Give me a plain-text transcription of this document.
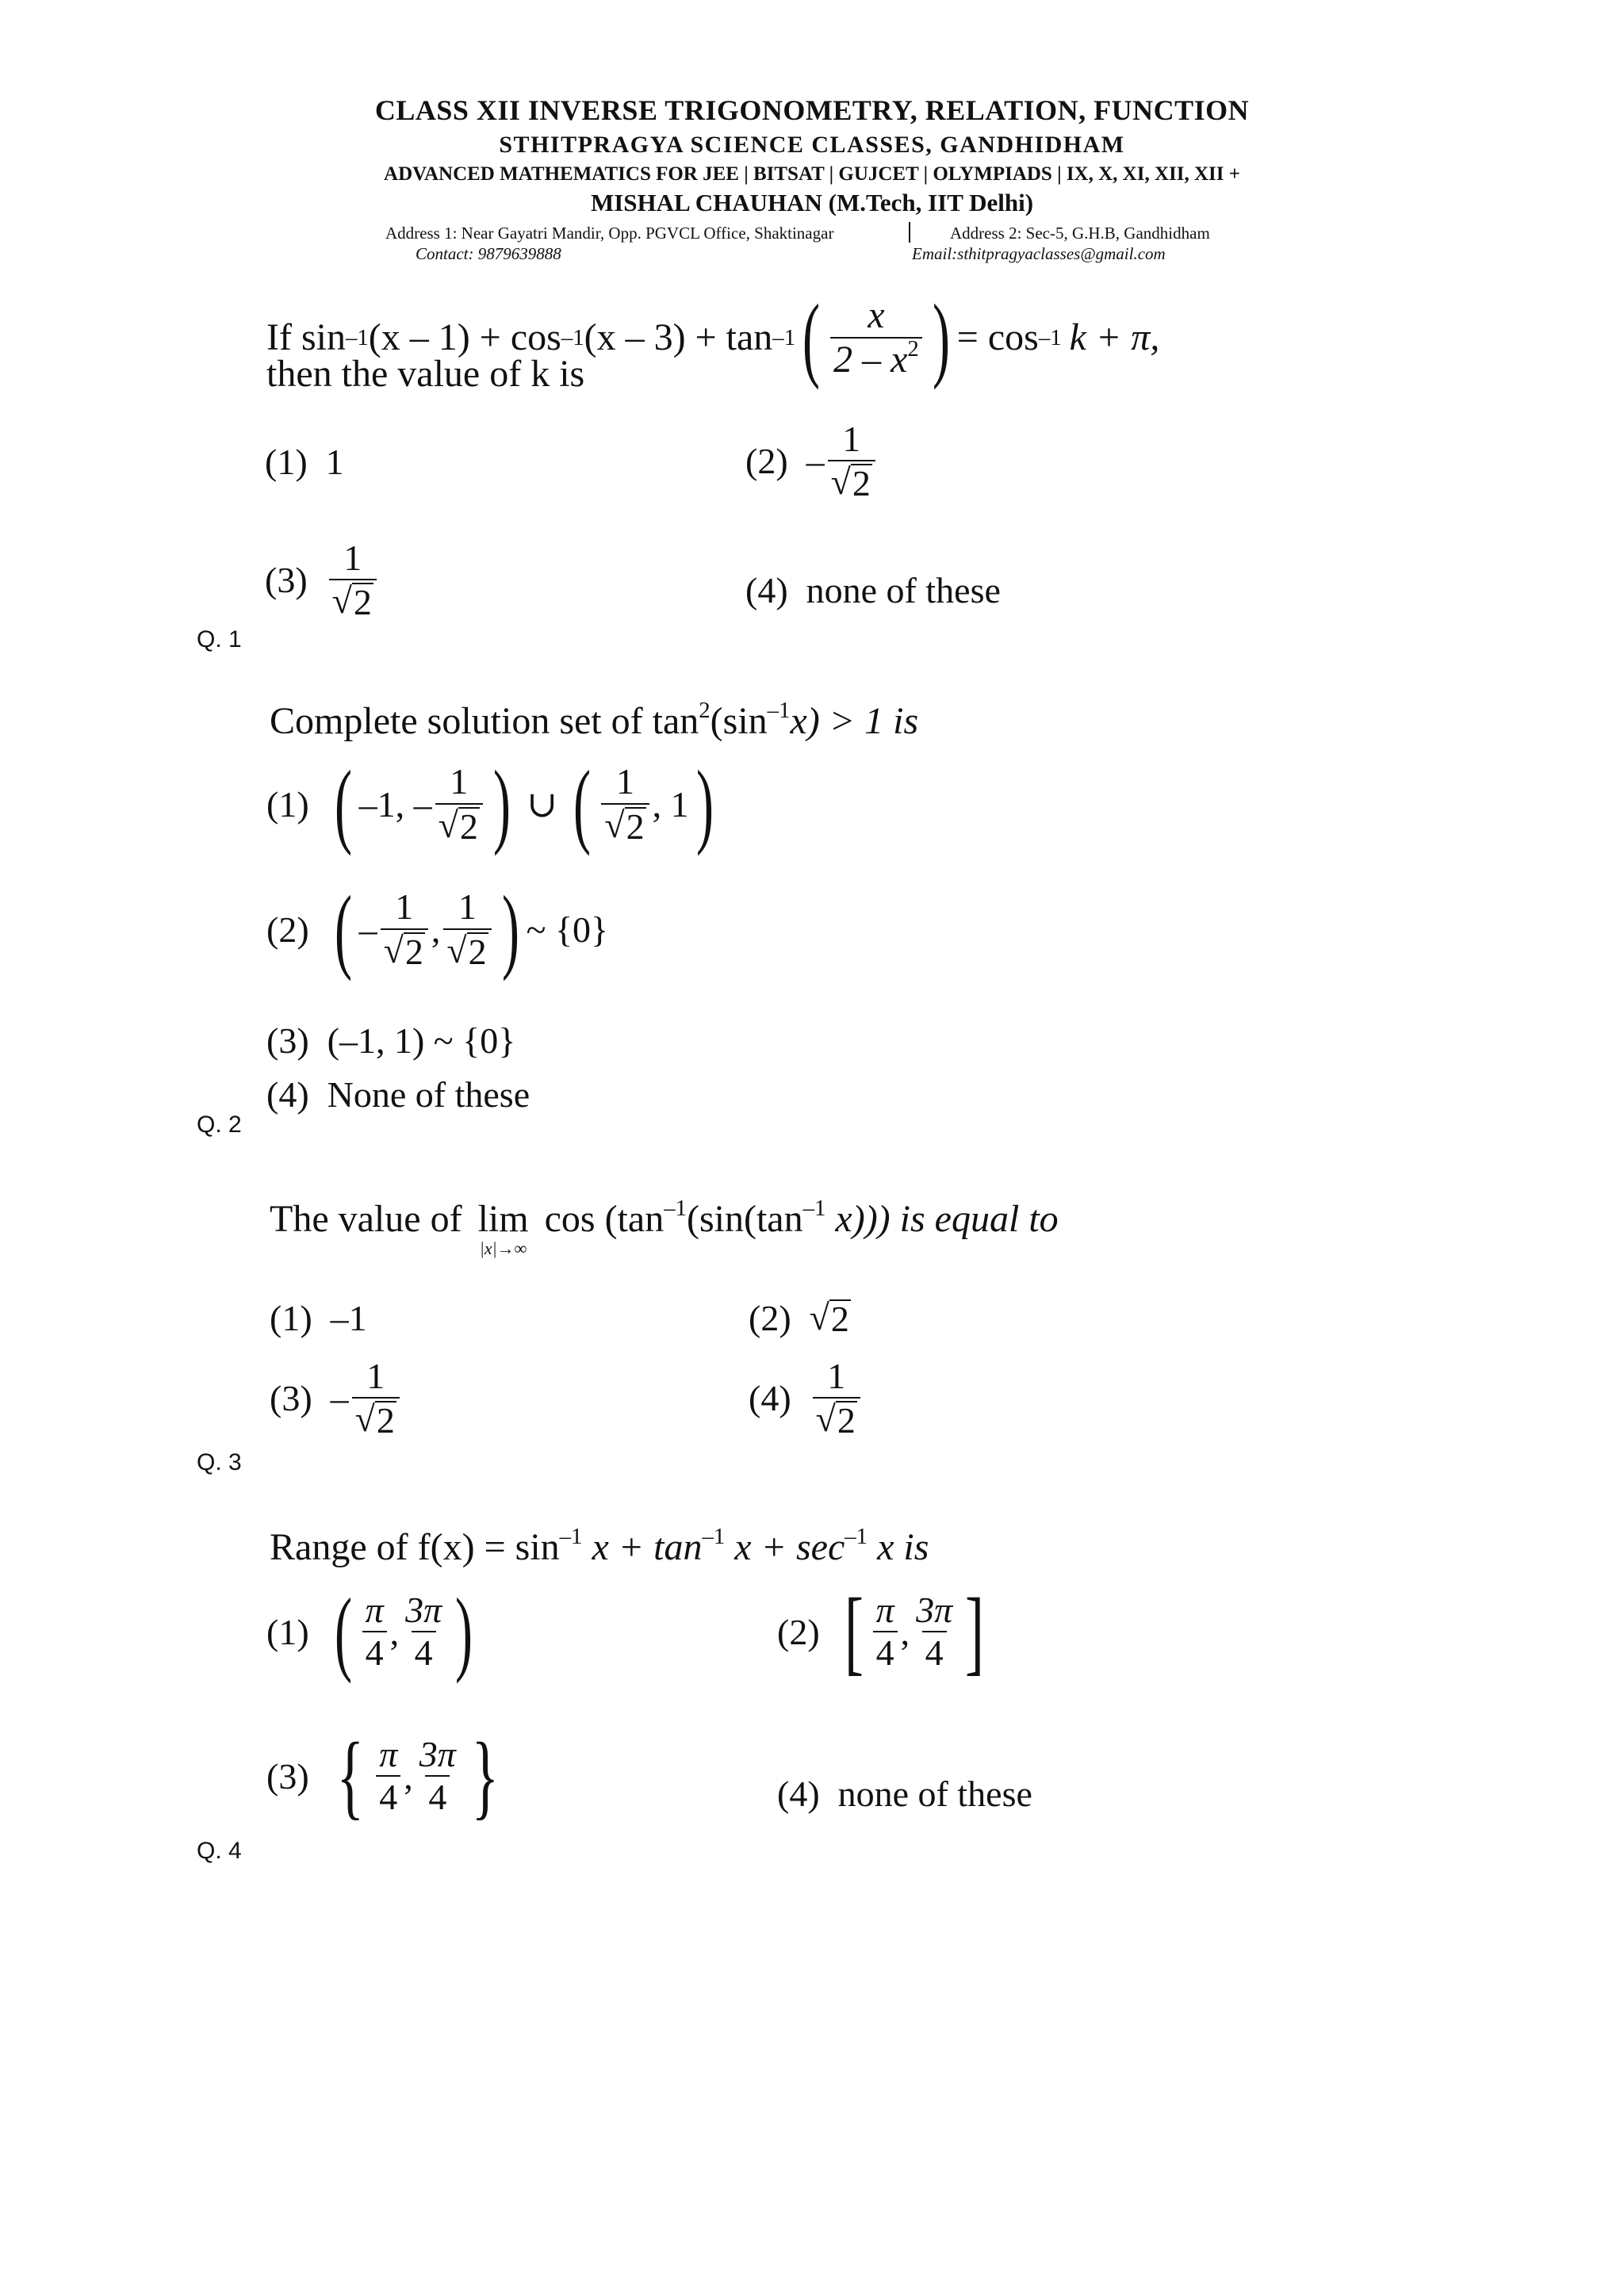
CLASS XII INVERSE TRIGONOMETRY, RELATION, FUNCTION
STHITPRAGYA SCIENCE CLASSES, GANDHIDHAM
ADVANCED MATHEMATICS FOR JEE | BITSAT | GUJCET | OLYMPIADS | IX, X, XI, XII, XII +
MISHAL CHAUHAN (M.Tech, IIT Delhi)
Address 1: Near Gayatri Mandir, Opp. PGVCL Office, Shaktinagar	Address 2: Sec-5, G.H.B, Gandhidham
Contact: 9879639888	Email:sthitpragyaclasses@gmail.com
If sin –1 (x – 1) + cos –1 (x – 3) + tan –1 ( $\frac{x}{2 - x^2}$ ) = cos –1 k + π,
then the value of k is
(1) 1	(2)
– $\frac{1}{√ 2}$
(3)
$\frac{1}{√ 2}$	(4) none of these
Q. 1
Complete solution set of $\tan^2(\sin^{-1}x) > 1$ is
(1)
( –1, – $\frac{1}{√ 2}$ )
∪
( $\frac{1}{√ 2}$ , 1 )
(2)
( – $\frac{1}{√ 2}$ , $\frac{1}{√ 2}$ ) ~ {0}
(3) (–1, 1) ~ {0}
(4) None of these
Q. 2
The value of lim
|x|→∞
$\cos (\tan^{-1}(\sin(\tan^{-1}$ x))) is equal to
(1) –1	(2)
√ 2
(3)
– $\frac{1}{√ 2}$	(4)
$\frac{1}{√ 2}$
Q. 3
Range of $f(x) = \sin^{-1} x + \tan^{-1} x + \sec^{-1} x$ is
(1)
( $\frac{\pi}{4}$ , $\frac{3\pi}{4}$ )	(2)
[ $\frac{\pi}{4}$ , $\frac{3\pi}{4}$ ]
(3)
{ $\frac{\pi}{4}$ , $\frac{3\pi}{4}$ }	(4) none of these
Q. 4
